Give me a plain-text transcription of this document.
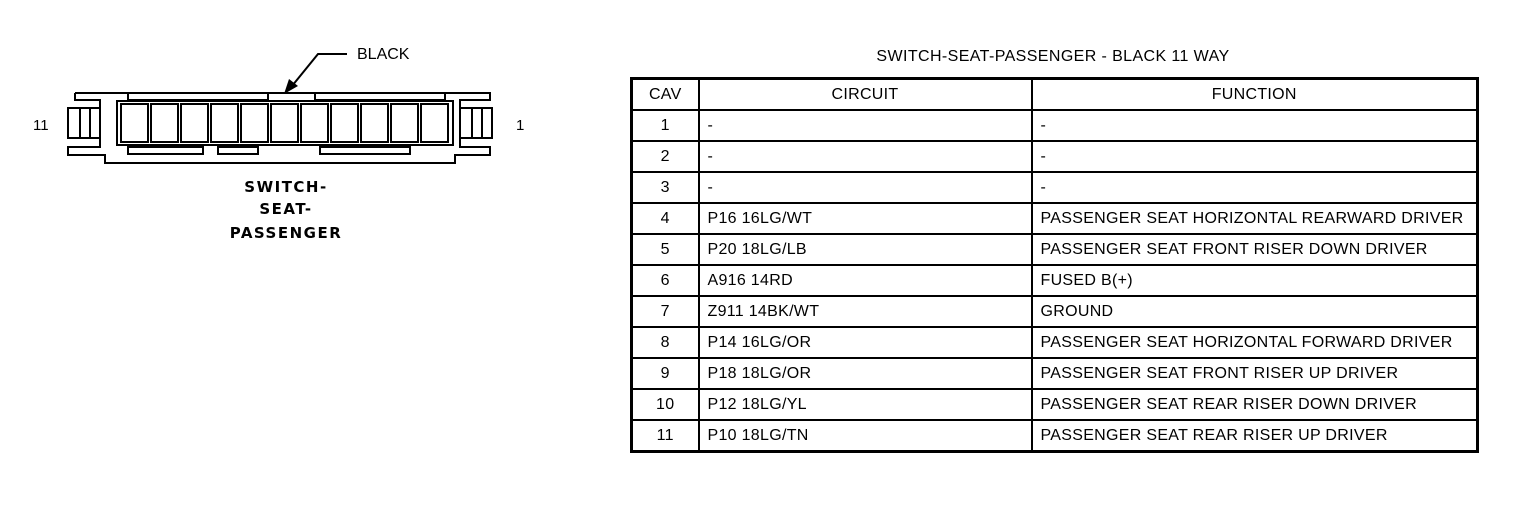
BLACK
11	1
SWITCH-
SEAT-
PASSENGER
SWITCH-SEAT-PASSENGER - BLACK 11 WAY
CAV	CIRCUIT	FUNCTION
1	-	-
2	-	-
3	-	-
4	P16 16LG/WT	PASSENGER SEAT HORIZONTAL REARWARD DRIVER
5	P20 18LG/LB	PASSENGER SEAT FRONT RISER DOWN DRIVER
6	A916 14RD	FUSED B(+)
7	Z911 14BK/WT	GROUND
8	P14 16LG/OR	PASSENGER SEAT HORIZONTAL FORWARD DRIVER
9	P18 18LG/OR	PASSENGER SEAT FRONT RISER UP DRIVER
10	P12 18LG/YL	PASSENGER SEAT REAR RISER DOWN DRIVER
11	P10 18LG/TN	PASSENGER SEAT REAR RISER UP DRIVER
